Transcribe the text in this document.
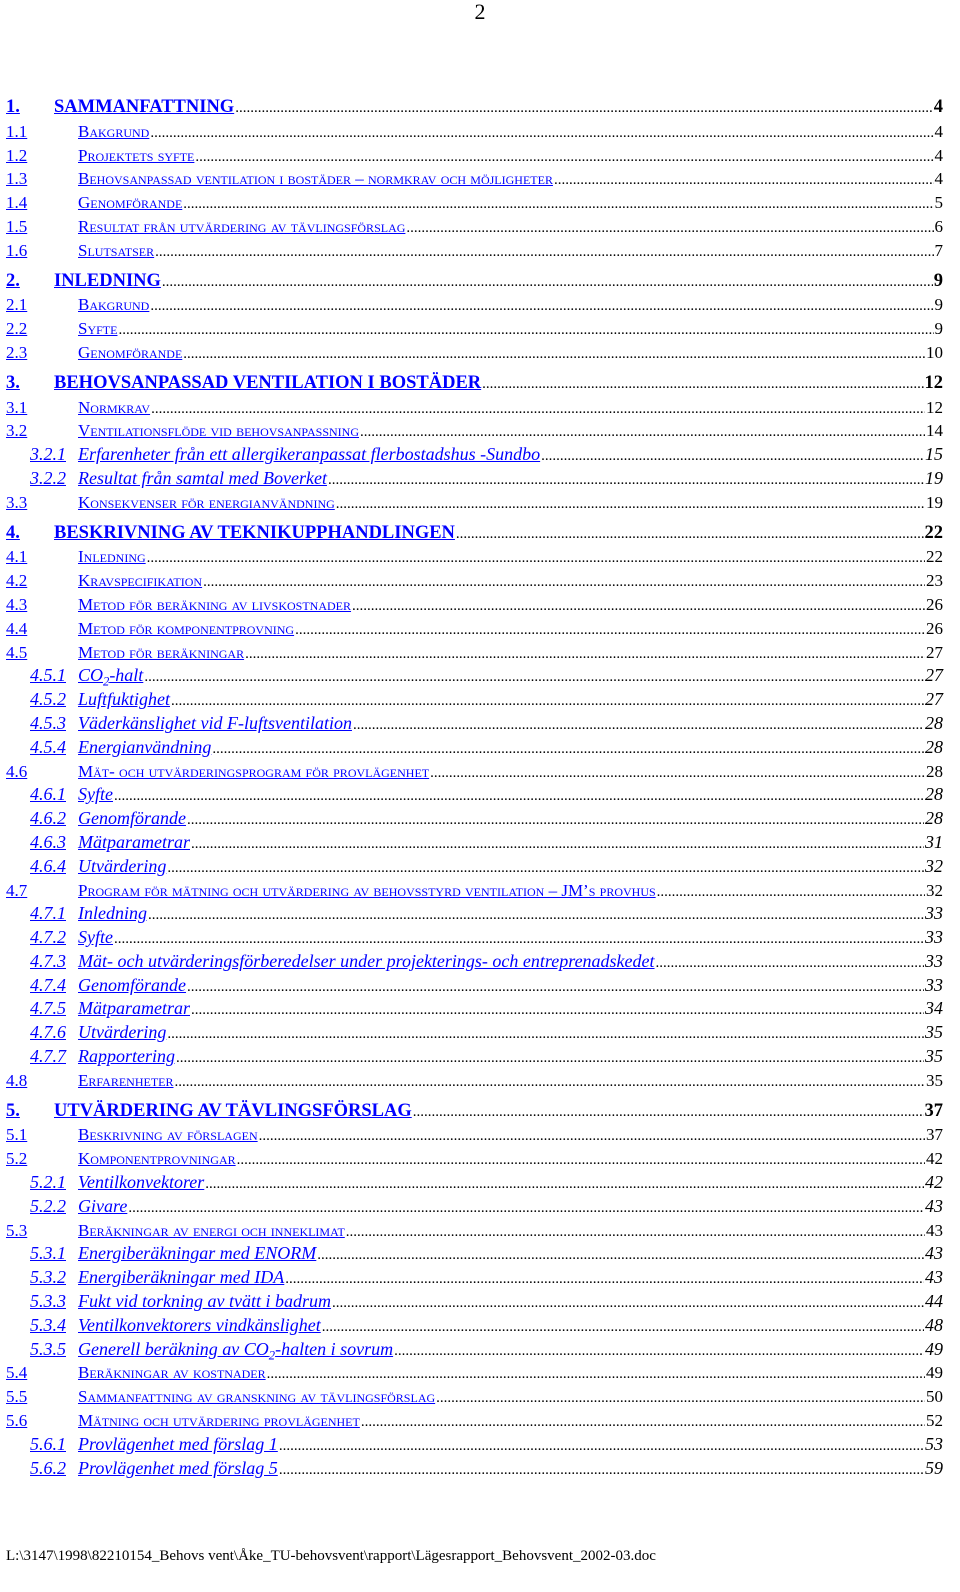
2
1.	SAMMANFATTNING .....	4
1.1	Bakgrund .....	4
1.2	Projektets syfte .....	4
1.3	Behovsanpassad ventilation i bostäder – normkrav och möjligheter .....	4
1.4	Genomförande .....	5
1.5	Resultat från utvärdering av tävlingsförslag .....	6
1.6	Slutsatser .....	7
2.	INLEDNING .....	9
2.1	Bakgrund .....	9
2.2	Syfte .....	9
2.3	Genomförande .....	10
3.	BEHOVSANPASSAD VENTILATION I BOSTÄDER .....	12
3.1	Normkrav .....	12
3.2	Ventilationsflöde vid behovsanpassning .....	14
3.2.1 Erfarenheter från ett allergikeranpassat flerbostadshus -Sundbo .....	15
3.2.2 Resultat från samtal med Boverket .....	19
3.3	Konsekvenser för energianvändning .....	19
4.	BESKRIVNING AV TEKNIKUPPHANDLINGEN .....	22
4.1	Inledning .....	22
4.2	Kravspecifikation .....	23
4.3	Metod för beräkning av livskostnader .....	26
4.4	Metod för komponentprovning .....	26
4.5	Metod för beräkningar .....	27
4.5.1 $CO_2$-halt .....	27
4.5.2 Luftfuktighet .....	27
4.5.3 Väderkänslighet vid F-luftsventilation .....	28
4.5.4 Energianvändning .....	28
4.6	Mät- och utvärderingsprogram för provlägenhet .....	28
4.6.1 Syfte .....	28
4.6.2 Genomförande .....	28
4.6.3 Mätparametrar .....	31
4.6.4 Utvärdering .....	32
4.7	Program för mätning och utvärdering av behovsstyrd ventilation – JM’s provhus .....	32
4.7.1 Inledning .....	33
4.7.2 Syfte .....	33
4.7.3 Mät- och utvärderingsförberedelser under projekterings- och entreprenadskedet .....	33
4.7.4 Genomförande .....	33
4.7.5 Mätparametrar .....	34
4.7.6 Utvärdering .....	35
4.7.7 Rapportering .....	35
4.8	Erfarenheter .....	35
5.	UTVÄRDERING AV TÄVLINGSFÖRSLAG .....	37
5.1	Beskrivning av förslagen .....	37
5.2	Komponentprovningar .....	42
5.2.1 Ventilkonvektorer .....	42
5.2.2 Givare .....	43
5.3	Beräkningar av energi och inneklimat .....	43
5.3.1 Energiberäkningar med ENORM .....	43
5.3.2 Energiberäkningar med IDA .....	43
5.3.3 Fukt vid torkning av tvätt i badrum .....	44
5.3.4 Ventilkonvektorers vindkänslighet .....	48
5.3.5 Generell beräkning av $CO_2$-halten i sovrum .....	49
5.4	Beräkningar av kostnader .....	49
5.5	Sammanfattning av granskning av tävlingsförslag .....	50
5.6	Mätning och utvärdering provlägenhet .....	52
5.6.1 Provlägenhet med förslag 1 .....	53
5.6.2 Provlägenhet med förslag 5 .....	59
L:\3147\1998\82210154_Behovs vent\Åke_TU-behovsvent\rapport\Lägesrapport_Behovsvent_2002-03.doc
